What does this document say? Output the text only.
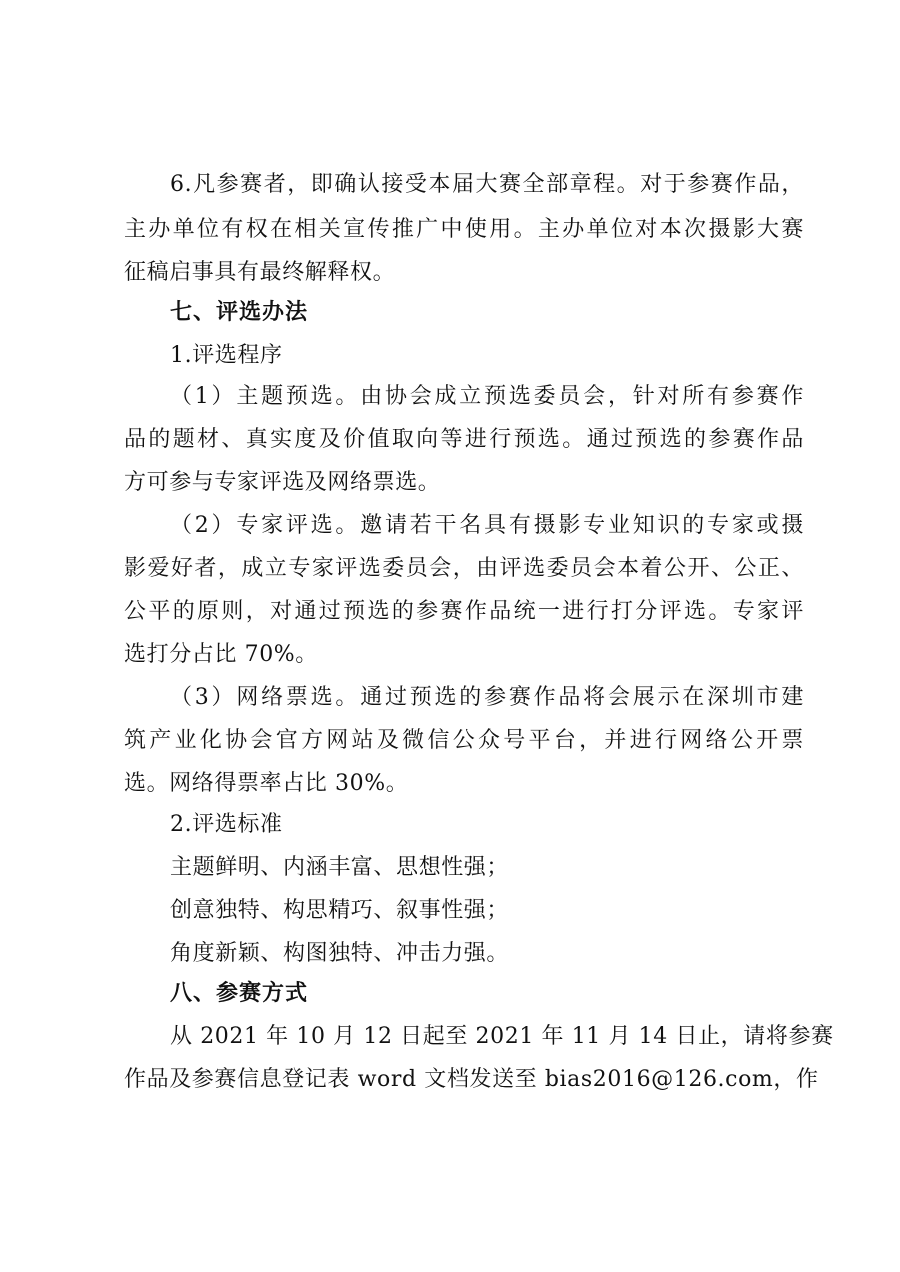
6.凡参赛者，即确认接受本届大赛全部章程。对于参赛作品，
主办单位有权在相关宣传推广中使用。主办单位对本次摄影大赛
征稿启事具有最终解释权。
七、评选办法
1.评选程序
（1）主题预选。由协会成立预选委员会，针对所有参赛作
品的题材、真实度及价值取向等进行预选。通过预选的参赛作品
方可参与专家评选及网络票选。
（2）专家评选。邀请若干名具有摄影专业知识的专家或摄
影爱好者，成立专家评选委员会，由评选委员会本着公开、公正、
公平的原则，对通过预选的参赛作品统一进行打分评选。专家评
选打分占比 70%。
（3）网络票选。通过预选的参赛作品将会展示在深圳市建
筑产业化协会官方网站及微信公众号平台，并进行网络公开票
选。网络得票率占比 30%。
2.评选标准
主题鲜明、内涵丰富、思想性强；
创意独特、构思精巧、叙事性强；
角度新颖、构图独特、冲击力强。
八、参赛方式
从 2021 年 10 月 12 日起至 2021 年 11 月 14 日止，请将参赛
作品及参赛信息登记表 word 文档发送至 bias2016@126.com，作
